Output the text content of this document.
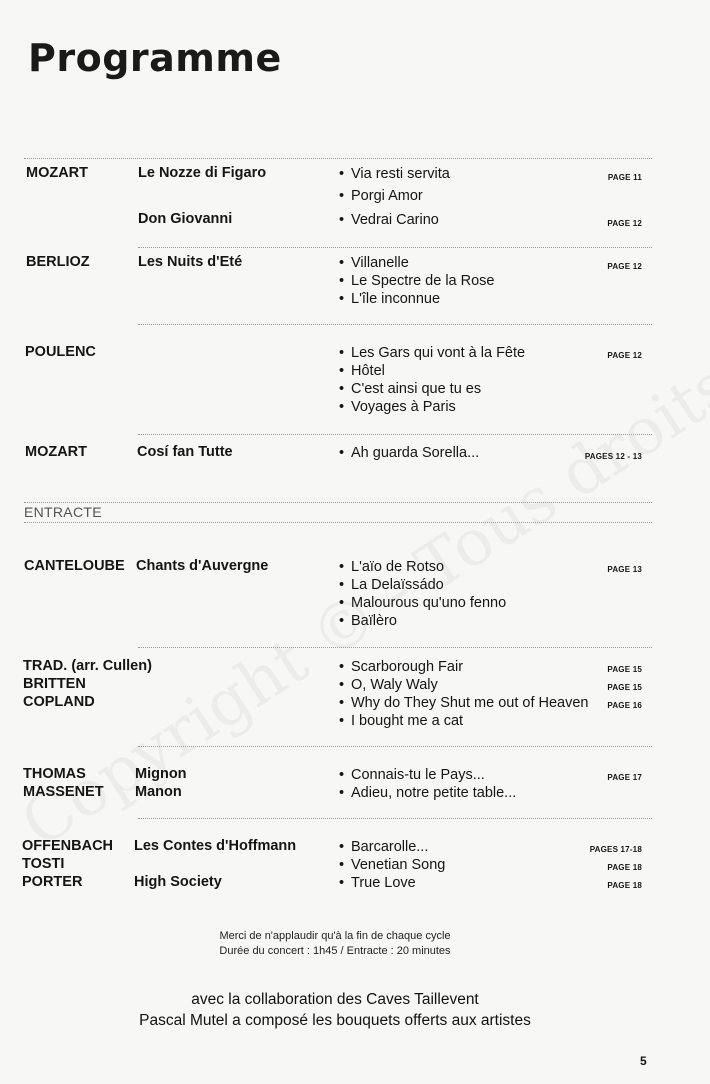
Programme
MOZART	Le Nozze di Figaro	• Via resti servita	PAGE 11
• Porgi Amor
Don Giovanni	• Vedrai Carino	PAGE 12
BERLIOZ	Les Nuits d'Eté	• Villanelle	PAGE 12
• Le Spectre de la Rose
• L'île inconnue
POULENC	• Les Gars qui vont à la Fête	PAGE 12
• Hôtel
• C'est ainsi que tu es
• Voyages à Paris
MOZART	Cosí fan Tutte	• Ah guarda Sorella...	PAGES 12 - 13
ENTRACTE
CANTELOUBE Chants d'Auvergne	• L'aïo de Rotso	PAGE 13
• La Delaïssádo
• Malourous qu'uno fenno
• Baïlèro
TRAD. (arr. Cullen)	• Scarborough Fair	PAGE 15
BRITTEN	• O, Waly Waly	PAGE 15
COPLAND	• Why do They Shut me out of Heaven PAGE 16
• I bought me a cat
THOMAS	Mignon	• Connais-tu le Pays...	PAGE 17
MASSENET Manon	• Adieu, notre petite table...
OFFENBACH Les Contes d'Hoffmann	• Barcarolle...	PAGES 17-18
TOSTI	• Venetian Song	PAGE 18
PORTER	High Society	• True Love	PAGE 18
Merci de n'applaudir qu'à la fin de chaque cycle
Durée du concert : 1h45 / Entracte : 20 minutes
avec la collaboration des Caves Taillevent
Pascal Mutel a composé les bouquets offerts aux artistes
5
